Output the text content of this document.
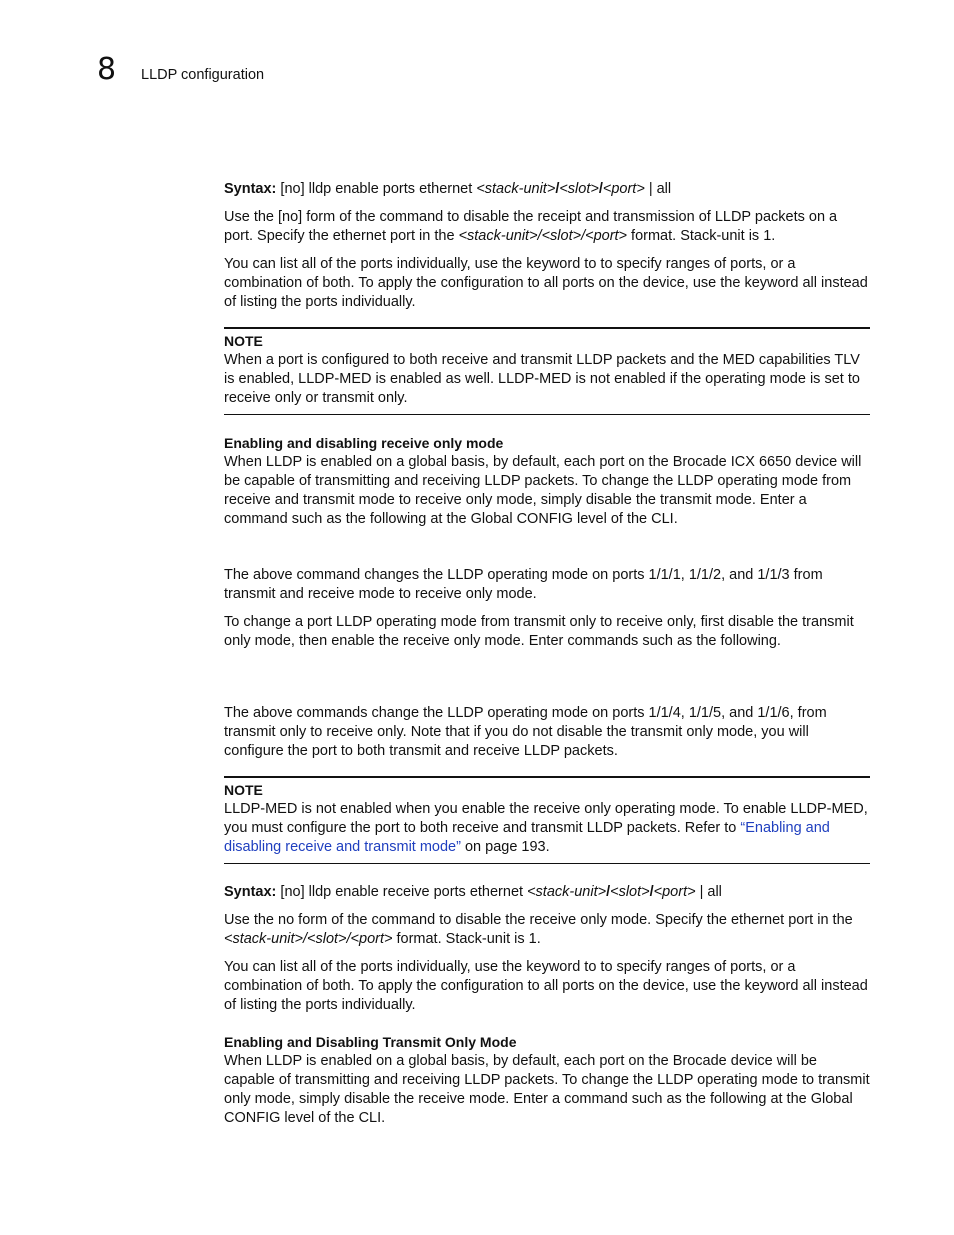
8 LLDP configuration

Syntax: [no] lldp enable ports ethernet <stack-unit>/<slot>/<port> | all

Use the [no] form of the command to disable the receipt and transmission of LLDP packets on a port. Specify the ethernet port in the <stack-unit>/<slot>/<port> format. Stack-unit is 1.

You can list all of the ports individually, use the keyword to to specify ranges of ports, or a combination of both. To apply the configuration to all ports on the device, use the keyword all instead of listing the ports individually.

NOTE

When a port is configured to both receive and transmit LLDP packets and the MED capabilities TLV is enabled, LLDP-MED is enabled as well. LLDP-MED is not enabled if the operating mode is set to receive only or transmit only.

Enabling and disabling receive only mode

When LLDP is enabled on a global basis, by default, each port on the Brocade ICX 6650 device will be capable of transmitting and receiving LLDP packets. To change the LLDP operating mode from receive and transmit mode to receive only mode, simply disable the transmit mode. Enter a command such as the following at the Global CONFIG level of the CLI.

The above command changes the LLDP operating mode on ports 1/1/1, 1/1/2, and 1/1/3 from transmit and receive mode to receive only mode.

To change a port LLDP operating mode from transmit only to receive only, first disable the transmit only mode, then enable the receive only mode. Enter commands such as the following.

The above commands change the LLDP operating mode on ports 1/1/4, 1/1/5, and 1/1/6, from transmit only to receive only. Note that if you do not disable the transmit only mode, you will configure the port to both transmit and receive LLDP packets.

NOTE

LLDP-MED is not enabled when you enable the receive only operating mode. To enable LLDP-MED, you must configure the port to both receive and transmit LLDP packets. Refer to “Enabling and disabling receive and transmit mode” on page 193.

Syntax: [no] lldp enable receive ports ethernet <stack-unit>/<slot>/<port> | all

Use the no form of the command to disable the receive only mode. Specify the ethernet port in the <stack-unit>/<slot>/<port> format. Stack-unit is 1.

You can list all of the ports individually, use the keyword to to specify ranges of ports, or a combination of both. To apply the configuration to all ports on the device, use the keyword all instead of listing the ports individually.

Enabling and Disabling Transmit Only Mode

When LLDP is enabled on a global basis, by default, each port on the Brocade device will be capable of transmitting and receiving LLDP packets. To change the LLDP operating mode to transmit only mode, simply disable the receive mode. Enter a command such as the following at the Global CONFIG level of the CLI.
